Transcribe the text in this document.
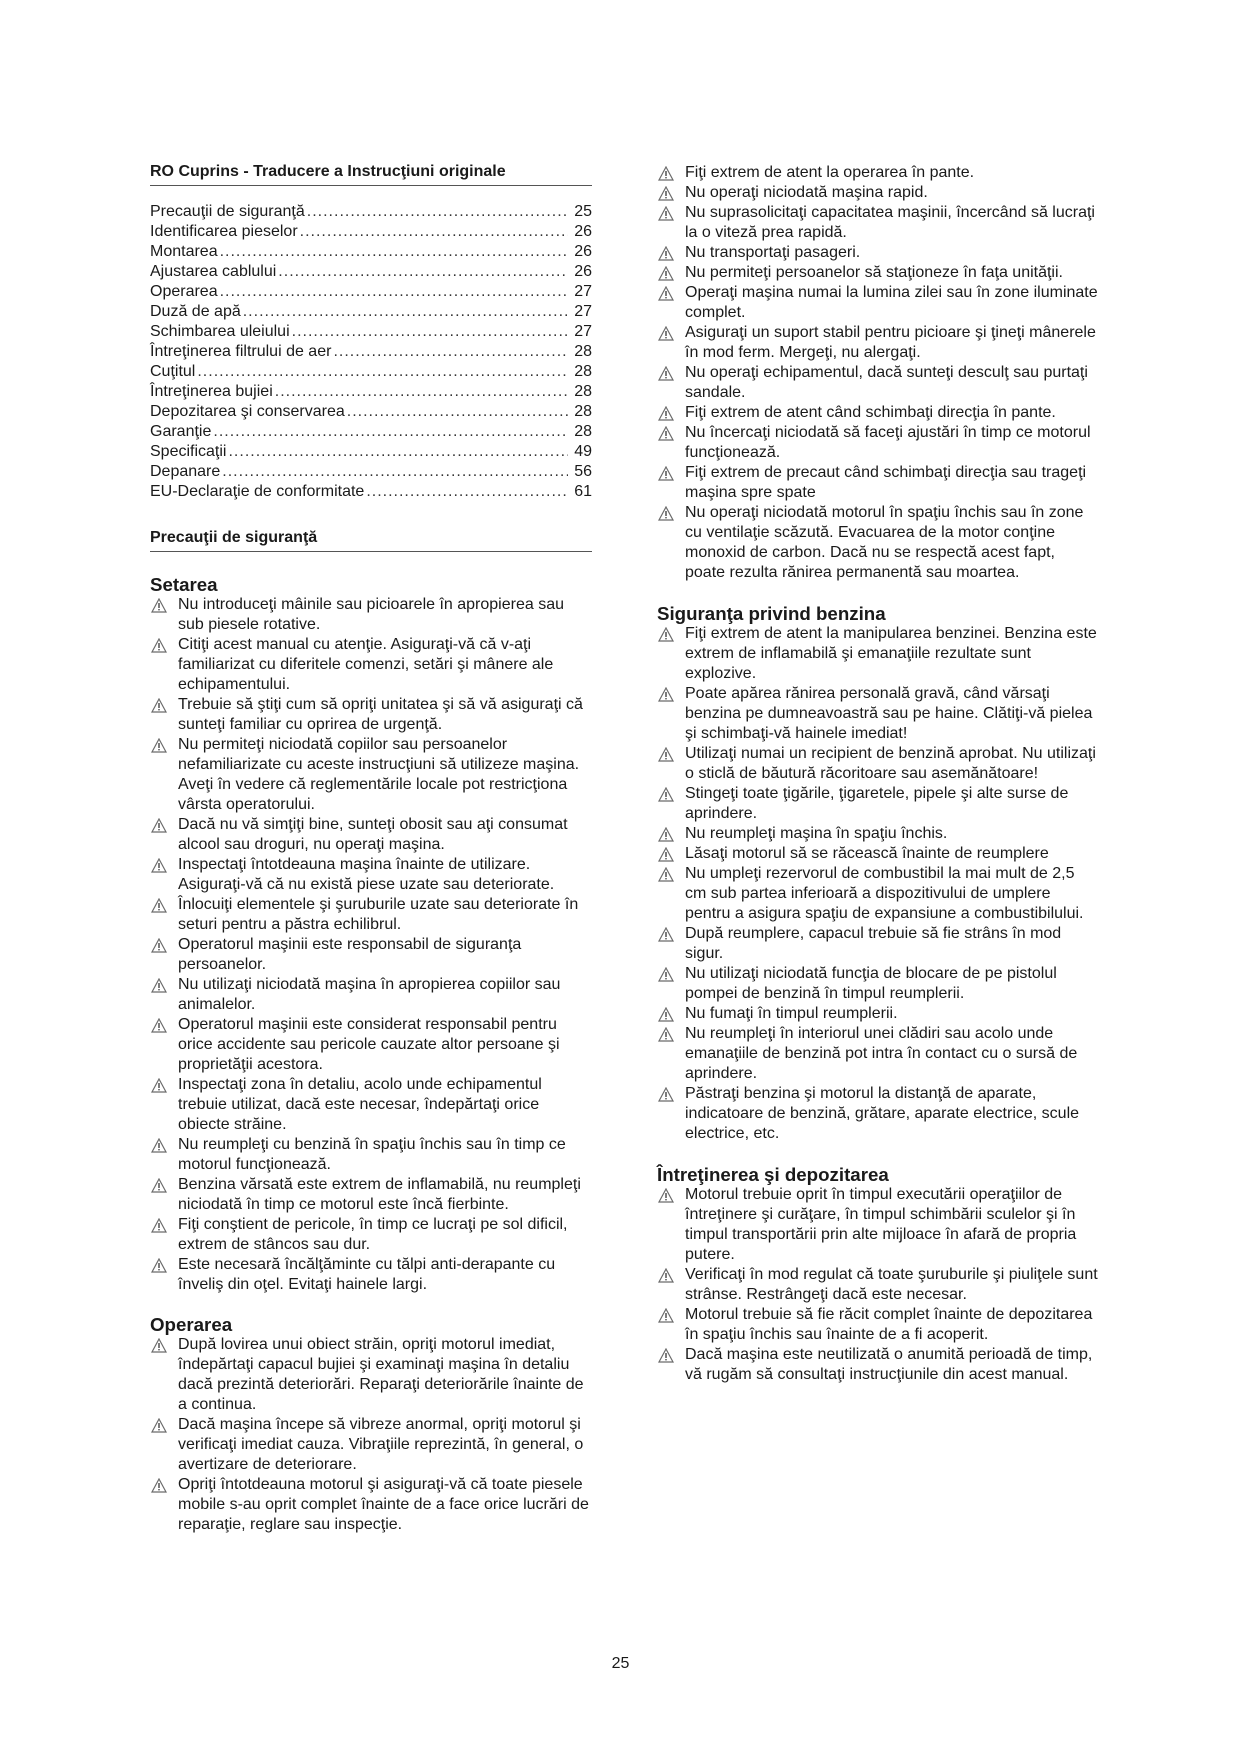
RO Cuprins - Traducere a Instrucţiuni originale
Precauţii de siguranţă .....	25
Identificarea pieselor .....	26
Montarea .....	26
Ajustarea cablului .....	26
Operarea .....	27
Duză de apă .....	27
Schimbarea uleiului .....	27
Întreţinerea filtrului de aer .....	28
Cuţitul .....	28
Întreţinerea bujiei .....	28
Depozitarea şi conservarea .....	28
Garanţie .....	28
Specificaţii .....	49
Depanare .....	56
EU-Declaraţie de conformitate .....	61
Precauţii de siguranţă
Setarea
Nu introduceţi mâinile sau picioarele în apropierea sau sub piesele rotative.
Citiţi acest manual cu atenţie. Asiguraţi-vă că v-aţi familiarizat cu diferitele comenzi, setări şi mânere ale echipamentului.
Trebuie să ştiţi cum să opriţi unitatea şi să vă asiguraţi că sunteţi familiar cu oprirea de urgenţă.
Nu permiteţi niciodată copiilor sau persoanelor nefamiliarizate cu aceste instrucţiuni să utilizeze maşina. Aveţi în vedere că reglementările locale pot restricţiona vârsta operatorului.
Dacă nu vă simţiţi bine, sunteţi obosit sau aţi consumat alcool sau droguri, nu operaţi maşina.
Inspectaţi întotdeauna maşina înainte de utilizare. Asiguraţi-vă că nu există piese uzate sau deteriorate.
Înlocuiţi elementele şi şuruburile uzate sau deteriorate în seturi pentru a păstra echilibrul.
Operatorul maşinii este responsabil de siguranţa persoanelor.
Nu utilizaţi niciodată maşina în apropierea copiilor sau animalelor.
Operatorul maşinii este considerat responsabil pentru orice accidente sau pericole cauzate altor persoane şi proprietăţii acestora.
Inspectaţi zona în detaliu, acolo unde echipamentul trebuie utilizat, dacă este necesar, îndepărtaţi orice obiecte străine.
Nu reumpleţi cu benzină în spaţiu închis sau în timp ce motorul funcţionează.
Benzina vărsată este extrem de inflamabilă, nu reumpleţi niciodată în timp ce motorul este încă fierbinte.
Fiţi conştient de pericole, în timp ce lucraţi pe sol dificil, extrem de stâncos sau dur.
Este necesară încălţăminte cu tălpi anti-derapante cu înveliş din oţel. Evitaţi hainele largi.
Operarea
După lovirea unui obiect străin, opriţi motorul imediat, îndepărtaţi capacul bujiei şi examinaţi maşina în detaliu dacă prezintă deteriorări. Reparaţi deteriorările înainte de a continua.
Dacă maşina începe să vibreze anormal, opriţi motorul şi verificaţi imediat cauza. Vibraţiile reprezintă, în general, o avertizare de deteriorare.
Opriţi întotdeauna motorul şi asiguraţi-vă că toate piesele mobile s-au oprit complet înainte de a face orice lucrări de reparaţie, reglare sau inspecţie.
Fiţi extrem de atent la operarea în pante.
Nu operaţi niciodată maşina rapid.
Nu suprasolicitaţi capacitatea maşinii, încercând să lucraţi la o viteză prea rapidă.
Nu transportaţi pasageri.
Nu permiteţi persoanelor să staţioneze în faţa unităţii.
Operaţi maşina numai la lumina zilei sau în zone iluminate complet.
Asiguraţi un suport stabil pentru picioare şi ţineţi mânerele în mod ferm. Mergeţi, nu alergaţi.
Nu operaţi echipamentul, dacă sunteţi desculţ sau purtaţi sandale.
Fiţi extrem de atent când schimbaţi direcţia în pante.
Nu încercaţi niciodată să faceţi ajustări în timp ce motorul funcţionează.
Fiţi extrem de precaut când schimbaţi direcţia sau trageţi maşina spre spate
Nu operaţi niciodată motorul în spaţiu închis sau în zone cu ventilaţie scăzută. Evacuarea de la motor conţine monoxid de carbon. Dacă nu se respectă acest fapt, poate rezulta rănirea permanentă sau moartea.
Siguranţa privind benzina
Fiţi extrem de atent la manipularea benzinei. Benzina este extrem de inflamabilă şi emanaţiile rezultate sunt explozive.
Poate apărea rănirea personală gravă, când vărsaţi benzina pe dumneavoastră sau pe haine. Clătiţi-vă pielea şi schimbaţi-vă hainele imediat!
Utilizaţi numai un recipient de benzină aprobat. Nu utilizaţi o sticlă de băutură răcoritoare sau asemănătoare!
Stingeţi toate ţigările, ţigaretele, pipele şi alte surse de aprindere.
Nu reumpleţi maşina în spaţiu închis.
Lăsaţi motorul să se răcească înainte de reumplere
Nu umpleţi rezervorul de combustibil la mai mult de 2,5 cm sub partea inferioară a dispozitivului de umplere pentru a asigura spaţiu de expansiune a combustibilului.
După reumplere, capacul trebuie să fie strâns în mod sigur.
Nu utilizaţi niciodată funcţia de blocare de pe pistolul pompei de benzină în timpul reumplerii.
Nu fumaţi în timpul reumplerii.
Nu reumpleţi în interiorul unei clădiri sau acolo unde emanaţiile de benzină pot intra în contact cu o sursă de aprindere.
Păstraţi benzina şi motorul la distanţă de aparate, indicatoare de benzină, grătare, aparate electrice, scule electrice, etc.
Întreţinerea şi depozitarea
Motorul trebuie oprit în timpul executării operaţiilor de întreţinere şi curăţare, în timpul schimbării sculelor şi în timpul transportării prin alte mijloace în afară de propria putere.
Verificaţi în mod regulat că toate şuruburile şi piuliţele sunt strânse. Restrângeţi dacă este necesar.
Motorul trebuie să fie răcit complet înainte de depozitarea în spaţiu închis sau înainte de a fi acoperit.
Dacă maşina este neutilizată o anumită perioadă de timp, vă rugăm să consultaţi instrucţiunile din acest manual.
25
